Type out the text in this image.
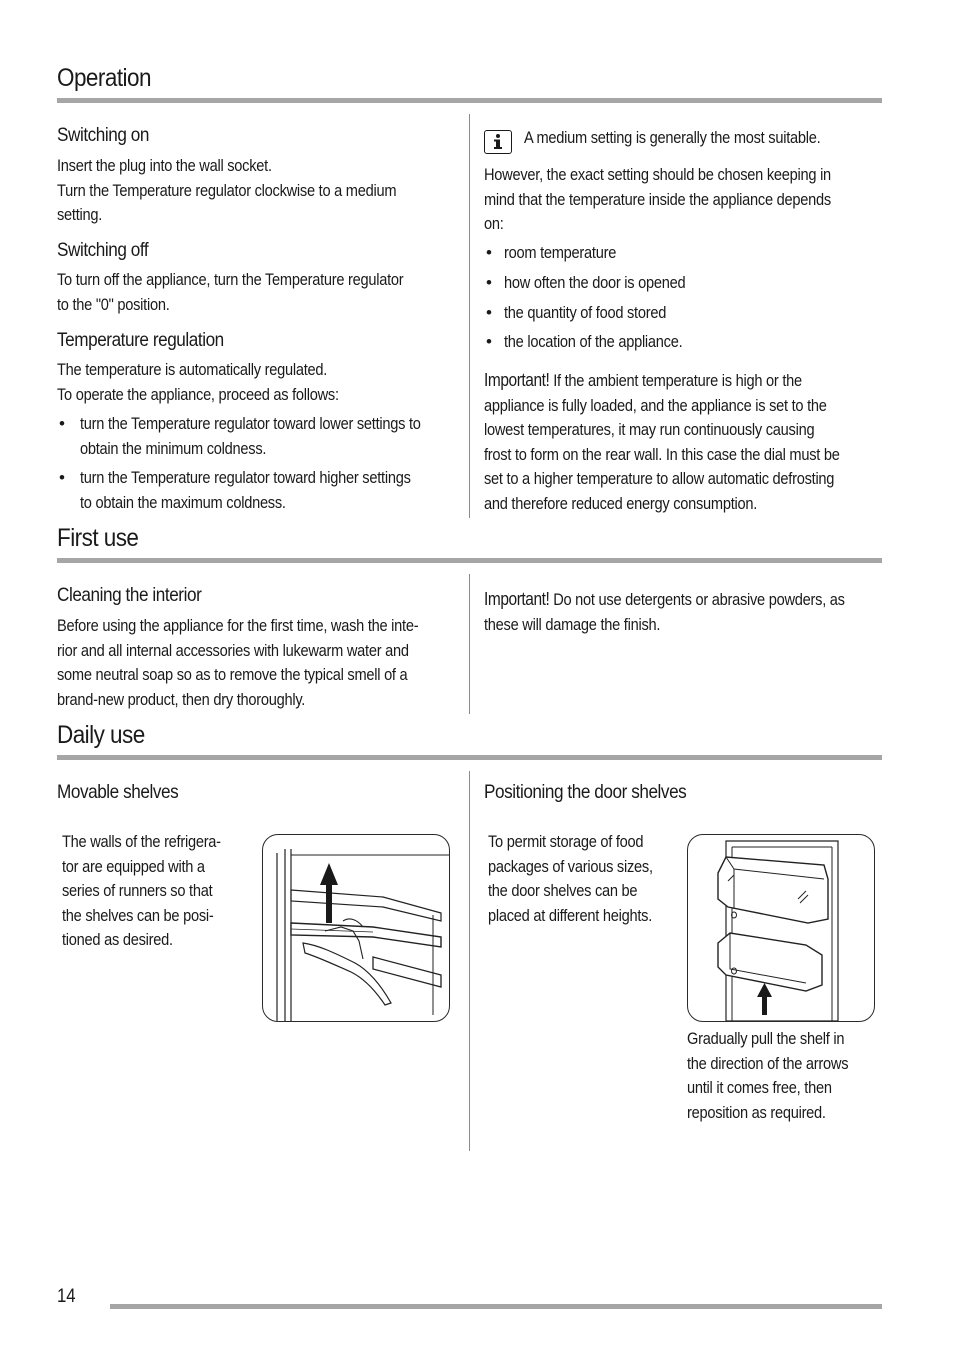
Operation
Switching on
Insert the plug into the wall socket.
Turn the Temperature regulator clockwise to a medium
setting.
Switching off
To turn off the appliance, turn the Temperature regulator
to the "0" position.
Temperature regulation
The temperature is automatically regulated.
To operate the appliance, proceed as follows:
• turn the Temperature regulator toward lower settings to
obtain the minimum coldness.
• turn the Temperature regulator toward higher settings
to obtain the maximum coldness.
A medium setting is generally the most suitable.
However, the exact setting should be chosen keeping in
mind that the temperature inside the appliance depends
on:
• room temperature
• how often the door is opened
• the quantity of food stored
• the location of the appliance.
Important! If the ambient temperature is high or the
appliance is fully loaded, and the appliance is set to the
lowest temperatures, it may run continuously causing
frost to form on the rear wall. In this case the dial must be
set to a higher temperature to allow automatic defrosting
and therefore reduced energy consumption.
First use
Cleaning the interior
Before using the appliance for the first time, wash the inte-
rior and all internal accessories with lukewarm water and
some neutral soap so as to remove the typical smell of a
brand-new product, then dry thoroughly.
Important! Do not use detergents or abrasive powders, as
these will damage the finish.
Daily use
Movable shelves
The walls of the refrigera-
tor are equipped with a
series of runners so that
the shelves can be posi-
tioned as desired.
Positioning the door shelves
To permit storage of food
packages of various sizes,
the door shelves can be
placed at different heights.
Gradually pull the shelf in
the direction of the arrows
until it comes free, then
reposition as required.
14
